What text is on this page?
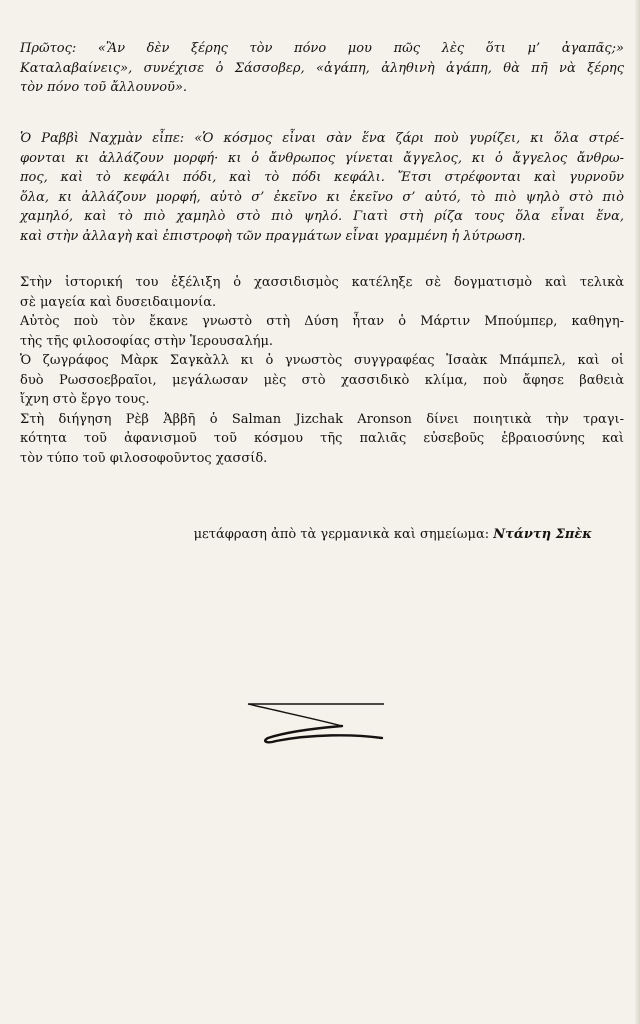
Πρῶτος: «Ἂν δὲν ξέρης τὸν πόνο μου πῶς λὲς ὅτι μ’ ἀγαπᾶς;»
Καταλαβαίνεις», συνέχισε ὁ Σάσσοβερ, «ἀγάπη, ἀληθινὴ ἀγάπη, θὰ πῆ νὰ ξέρης
τὸν πόνο τοῦ ἄλλουνοῦ».
Ὁ Ραββὶ Ναχμὰν εἶπε: «Ὁ κόσμος εἶναι σὰν ἕνα ζάρι ποὺ γυρίζει, κι ὅλα στρέ-
φονται κι ἀλλάζουν μορφή· κι ὁ ἄνθρωπος γίνεται ἄγγελος, κι ὁ ἄγγελος ἄνθρω-
πος, καὶ τὸ κεφάλι πόδι, καὶ τὸ πόδι κεφάλι. Ἔτσι στρέφονται καὶ γυρνοῦν
ὅλα, κι ἀλλάζουν μορφή, αὐτὸ σ’ ἐκεῖνο κι ἐκεῖνο σ’ αὐτό, τὸ πιὸ ψηλὸ στὸ πιὸ
χαμηλό, καὶ τὸ πιὸ χαμηλὸ στὸ πιὸ ψηλό. Γιατὶ στὴ ρίζα τους ὅλα εἶναι ἕνα,
καὶ στὴν ἀλλαγὴ καὶ ἐπιστροφὴ τῶν πραγμάτων εἶναι γραμμένη ἡ λύτρωση.
Στὴν ἱστορική του ἐξέλιξη ὁ χασσιδισμὸς κατέληξε σὲ δογματισμὸ καὶ τελικὰ
σὲ μαγεία καὶ δυσειδαιμονία.
Αὐτὸς ποὺ τὸν ἔκανε γνωστὸ στὴ Δύση ἦταν ὁ Μάρτιν Μπούμπερ, καθηγη-
τὴς τῆς φιλοσοφίας στὴν Ἱερουσαλήμ.
Ὁ ζωγράφος Μὰρκ Σαγκὰλλ κι ὁ γνωστὸς συγγραφέας Ἰσαὰκ Μπάμπελ, καὶ οἱ
δυὸ Ρωσσοεβραῖοι, μεγάλωσαν μὲς στὸ χασσιδικὸ κλίμα, ποὺ ἄφησε βαθειὰ
ἴχνη στὸ ἔργο τους.
Στὴ διήγηση Ρὲβ Ἀββῆ ὁ Salman Jizchak Aronson δίνει ποιητικὰ τὴν τραγι-
κότητα τοῦ ἀφανισμοῦ τοῦ κόσμου τῆς παλιᾶς εὐσεβοῦς ἑβραιοσύνης καὶ
τὸν τύπο τοῦ φιλοσοφοῦντος χασσίδ.
μετάφραση ἀπὸ τὰ γερμανικὰ καὶ σημείωμα: Ντάντη Σπὲκ
